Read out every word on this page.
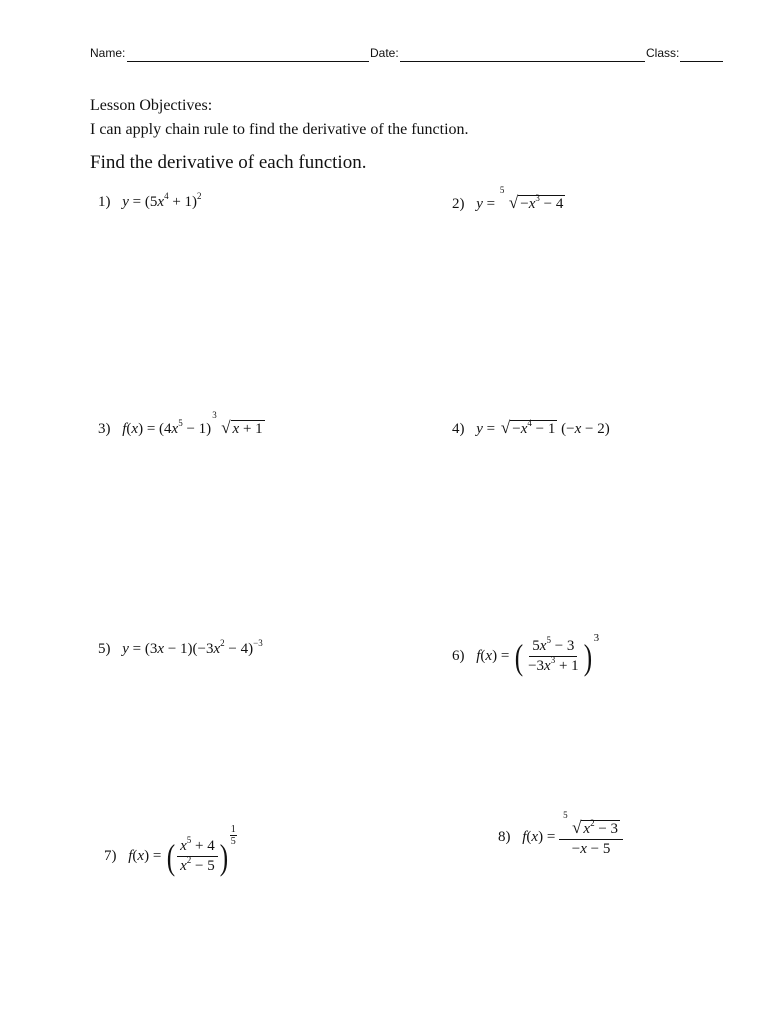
Name:	Date:	Class:
Lesson Objectives:
I can apply chain rule to find the derivative of the function.
Find the derivative of each function.
1) $y = (5x^4 + 1)^2$	2) y =
5
√ $-x^3 - 4$
3) $f(x) = (4x^5 - 1)$
3
√ x + 1	4) y = √ $-x^4 - 1$ (−x − 2)
5) $y = (3x - 1)(-3x^2 - 4)^{-3}$
6) f(x) = ( $\frac{5x^5 - 3}{-3x^3 + 1}$ ) 3
7) f(x) = ( $\frac{x^5 + 4}{x^2 - 5}$ )
$\frac{1}{5}$	8) f(x) = 5
√ $x^2 - 3$
−x − 5
